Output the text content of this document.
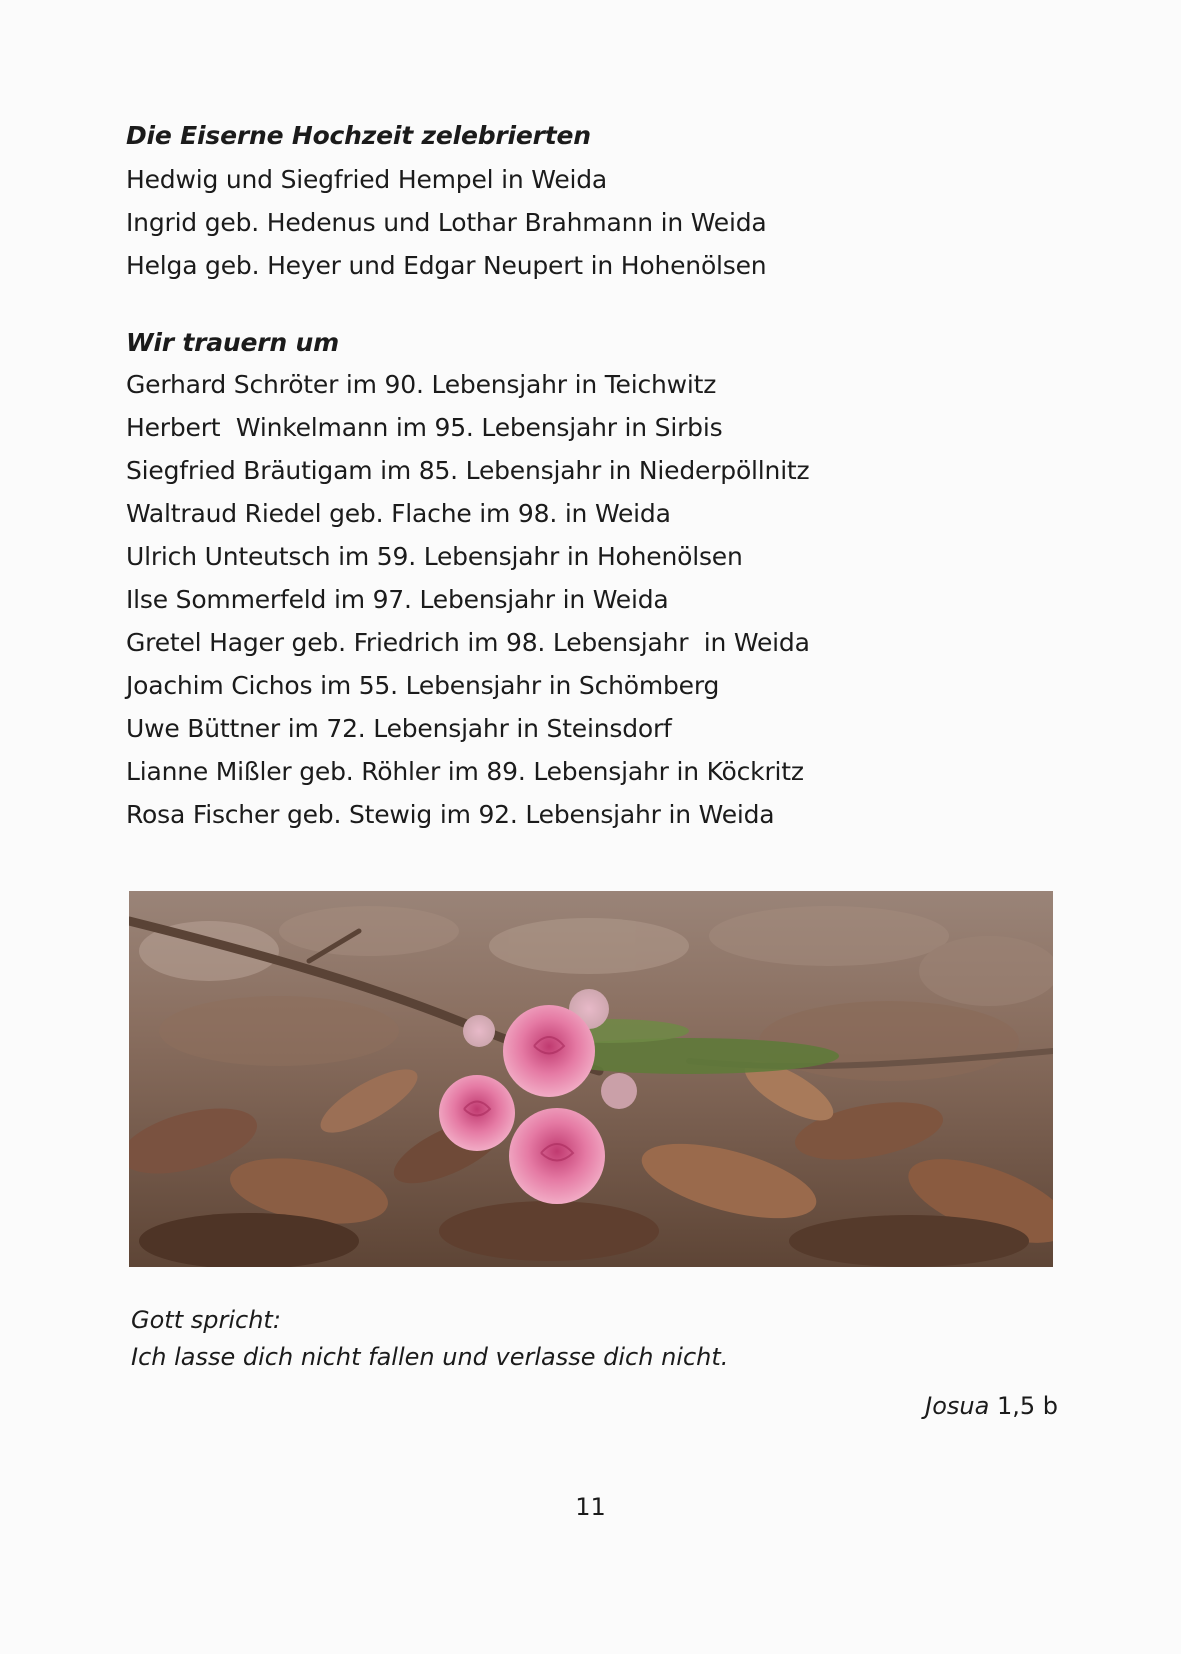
Die Eiserne Hochzeit zelebrierten
Hedwig und Siegfried Hempel in Weida
Ingrid geb. Hedenus und Lothar Brahmann in Weida
Helga geb. Heyer und Edgar Neupert in Hohenölsen
Wir trauern um
Gerhard Schröter im 90. Lebensjahr in Teichwitz
Herbert  Winkelmann im 95. Lebensjahr in Sirbis
Siegfried Bräutigam im 85. Lebensjahr in Niederpöllnitz
Waltraud Riedel geb. Flache im 98. in Weida
Ulrich Unteutsch im 59. Lebensjahr in Hohenölsen
Ilse Sommerfeld im 97. Lebensjahr in Weida
Gretel Hager geb. Friedrich im 98. Lebensjahr  in Weida
Joachim Cichos im 55. Lebensjahr in Schömberg
Uwe Büttner im 72. Lebensjahr in Steinsdorf
Lianne Mißler geb. Röhler im 89. Lebensjahr in Köckritz
Rosa Fischer geb. Stewig im 92. Lebensjahr in Weida
Gott spricht:
Ich lasse dich nicht fallen und verlasse dich nicht.
Josua 1,5 b
11
